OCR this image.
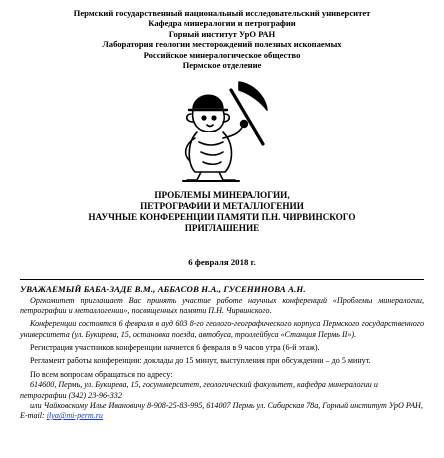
Пермский государственный национальный исследовательский университет
Кафедра минералогии и петрографии
Горный институт УрО РАН
Лаборатория геологии месторождений полезных ископаемых
Российское минералогическое общество
Пермское отделение
ПРОБЛЕМЫ МИНЕРАЛОГИИ,
ПЕТРОГРАФИИ И МЕТАЛЛОГЕНИИ
НАУЧНЫЕ КОНФЕРЕНЦИИ ПАМЯТИ П.Н. ЧИРВИНСКОГО
ПРИГЛАШЕНИЕ
6 февраля 2018 г.
УВАЖАЕМЫЙ БАБА-ЗАДЕ В.М., АББАСОВ Н.А., ГУСЕНИНОВА А.Н.

Оргкомитет приглашает Вас принять участие работе научных конференций «Проблемы минералогии, петрографии и металлогении», посвященных памяти П.Н. Чирвинского.

Конференции состоятся 6 февраля в ауд 603 8-го геолого-географического корпуса Пермского государственного университета (ул. Букирева, 15, остановка поезда, автобуса, троллейбуса «Станция Пермь II»).

Регистрация участников конференции начнется 6 февраля в 9 часов утра (6-й этаж).

Регламент работы конференции: доклады до 15 минут, выступления при обсуждении – до 5 минут.

По всем вопросам обращаться по адресу:
614600, Пермь, ул. Букирева, 15, госуниверситет, геологический факультет, кафедра минералогии и петрографии (342) 23-96-332
или Чайковскому Илье Ивановичу 8-908-25-83-995, 614007 Пермь ул. Сибирская 78а, Горный институт УрО РАН, E-mail: ilya@mi-perm.ru
